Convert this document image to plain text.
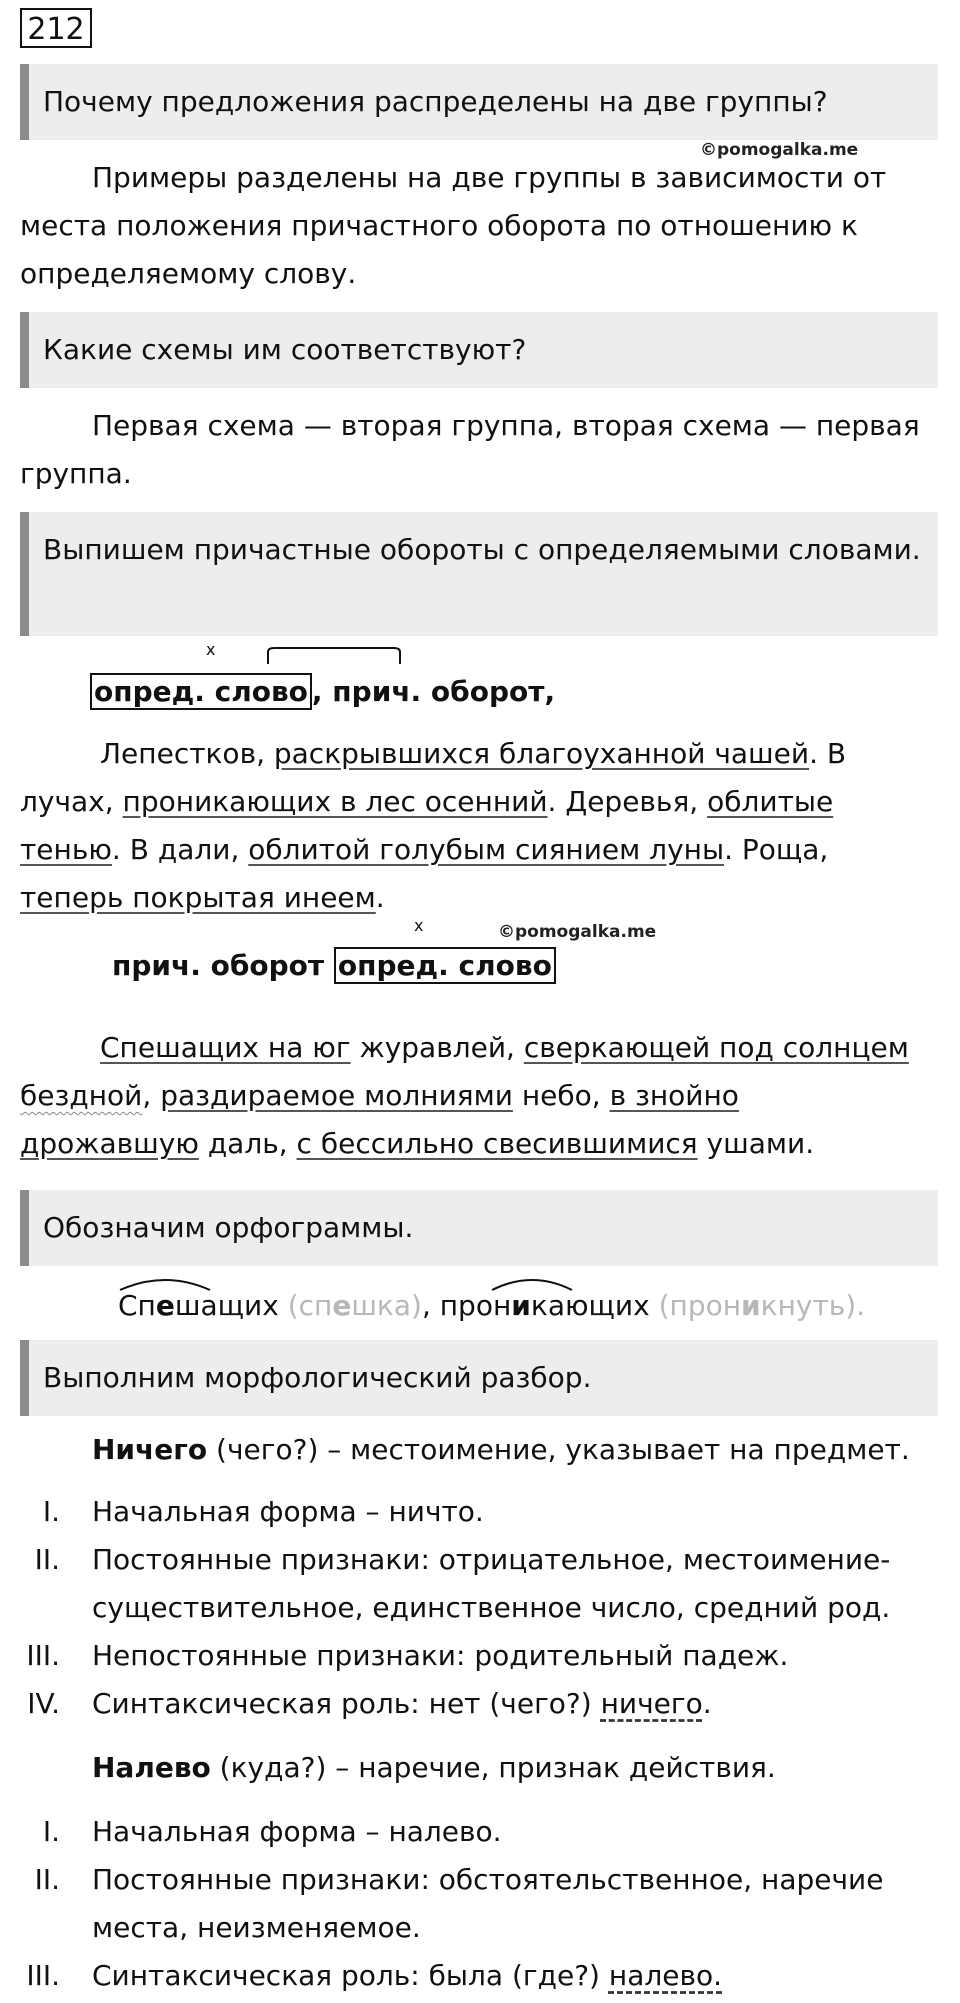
212
Почему предложения распределены на две группы?
©pomogalka.me
Примеры разделены на две группы в зависимости от места положения причастного оборота по отношению к определяемому слову.
Какие схемы им соответствуют?
Первая схема — вторая группа, вторая схема — первая группа.
Выпишем причастные обороты с определяемыми словами.
x
опред. слово , прич. оборот,
Лепестков, раскрывшихся благоуханной чашей. В
лучах, проникающих в лес осенний. Деревья, облитые
тенью. В дали, облитой голубым сиянием луны. Роща,
теперь покрытая инеем.
x	©pomogalka.me
прич. оборот опред. слово
Спешащих на юг журавлей, сверкающей под солнцем
бездной, раздираемое молниями небо, в знойно
дрожавшую даль, с бессильно свесившимися ушами.
Обозначим орфограммы.
Спешащих (спешка), проникающих (проникнуть).
Выполним морфологический разбор.
Ничего (чего?) – местоимение, указывает на предмет.
I. Начальная форма – ничто.
II. Постоянные признаки: отрицательное, местоимение-существительное, единственное число, средний род.
III. Непостоянные признаки: родительный падеж.
IV. Синтаксическая роль: нет (чего?) ничего.
Налево (куда?) – наречие, признак действия.
I. Начальная форма – налево.
II. Постоянные признаки: обстоятельственное, наречие места, неизменяемое.
III. Синтаксическая роль: была (где?) налево.
